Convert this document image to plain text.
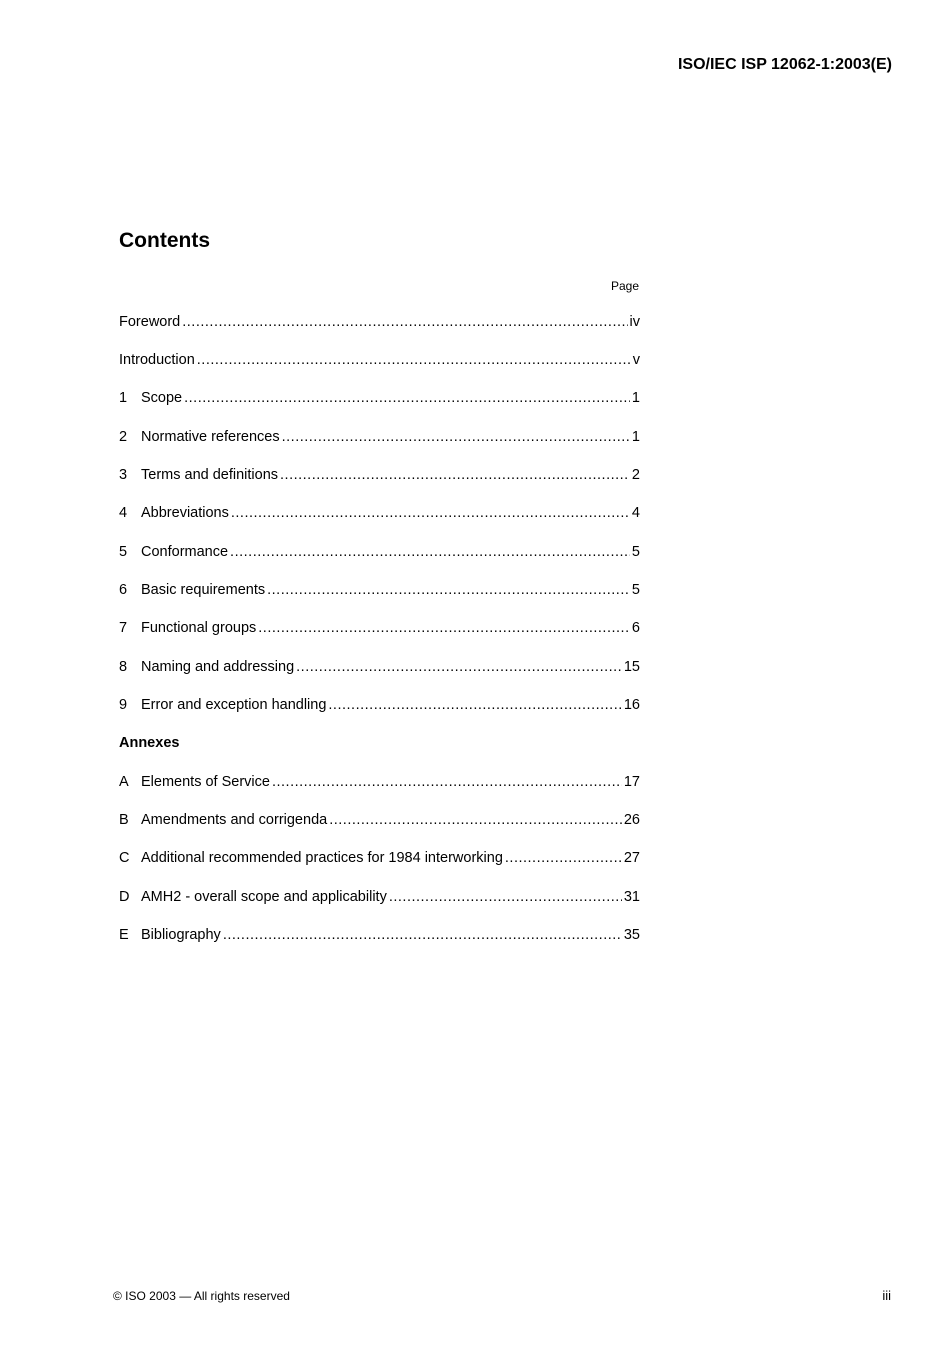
ISO/IEC ISP 12062-1:2003(E)
Contents
Page
Foreword .....	iv
Introduction .....	v
1 Scope .....	1
2 Normative references .....	1
3 Terms and definitions .....	2
4 Abbreviations .....	4
5 Conformance .....	5
6 Basic requirements .....	5
7 Functional groups .....	6
8 Naming and addressing .....	15
9 Error and exception handling .....	16
Annexes
A Elements of Service .....	17
B Amendments and corrigenda .....	26
C Additional recommended practices for 1984 interworking .....	27
D AMH2 - overall scope and applicability .....	31
E Bibliography .....	35
© ISO 2003 — All rights reserved	iii
